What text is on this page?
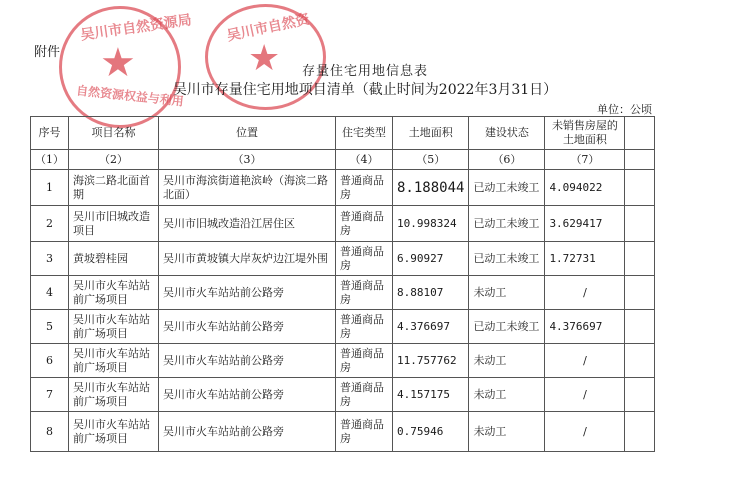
吴川市自然资源局
★
自然资源权益与利用
吴川市自然资
★
附件
存量住宅用地信息表
吴川市存量住宅用地项目清单（截止时间为2022年3月31日）
单位：公顷
序号	项目名称	位置	住宅类型	土地面积	建设状态	未销售房屋的土地面积	
（1）	（2）	（3）	（4）	（5）	（6）	（7）	
1	海滨二路北面首期	吴川市海滨街道艳滨岭（海滨二路北面）	普通商品房	8.188044	已动工未竣工	4.094022	
2	吴川市旧城改造项目	吴川市旧城改造沿江居住区	普通商品房	10.998324	已动工未竣工	3.629417	
3	黄坡碧桂园	吴川市黄坡镇大岸灰炉边江堤外围	普通商品房	6.90927	已动工未竣工	1.72731	
4	吴川市火车站站前广场项目	吴川市火车站站前公路旁	普通商品房	8.88107	未动工	/	
5	吴川市火车站站前广场项目	吴川市火车站站前公路旁	普通商品房	4.376697	已动工未竣工	4.376697	
6	吴川市火车站站前广场项目	吴川市火车站站前公路旁	普通商品房	11.757762	未动工	/	
7	吴川市火车站站前广场项目	吴川市火车站站前公路旁	普通商品房	4.157175	未动工	/	
8	吴川市火车站站前广场项目	吴川市火车站站前公路旁	普通商品房	0.75946	未动工	/	
